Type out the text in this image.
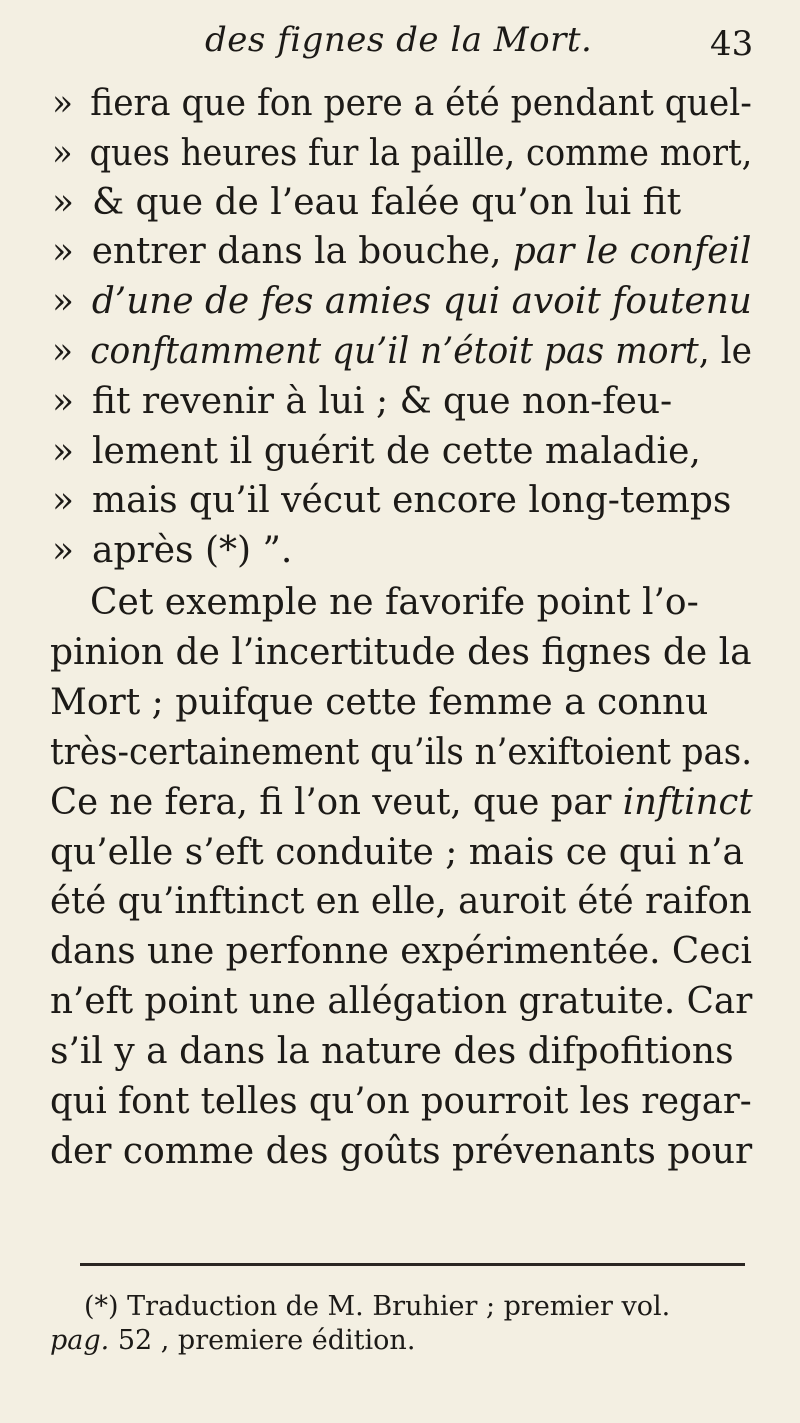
des fignes de la Mort.	43
» fiera que fon pere a été pendant quel-
» ques heures fur la paille, comme mort,
» & que de l’eau falée qu’on lui fit
» entrer dans la bouche, par le confeil
» d’une de fes amies qui avoit foutenu
» conftamment qu’il n’étoit pas mort, le
» fit revenir à lui ; & que non-feu-
» lement il guérit de cette maladie,
» mais qu’il vécut encore long-temps
» après (*) ”.
Cet exemple ne favorife point l’o-
pinion de l’incertitude des fignes de la
Mort ; puifque cette femme a connu
très-certainement qu’ils n’exiftoient pas.
Ce ne fera, fi l’on veut, que par inftinct
qu’elle s’eft conduite ; mais ce qui n’a
été qu’inftinct en elle, auroit été raifon
dans une perfonne expérimentée. Ceci
n’eft point une allégation gratuite. Car
s’il y a dans la nature des difpofitions
qui font telles qu’on pourroit les regar-
der comme des goûts prévenants pour
(*) Traduction de M. Bruhier ; premier vol.
pag. 52 , premiere édition.
